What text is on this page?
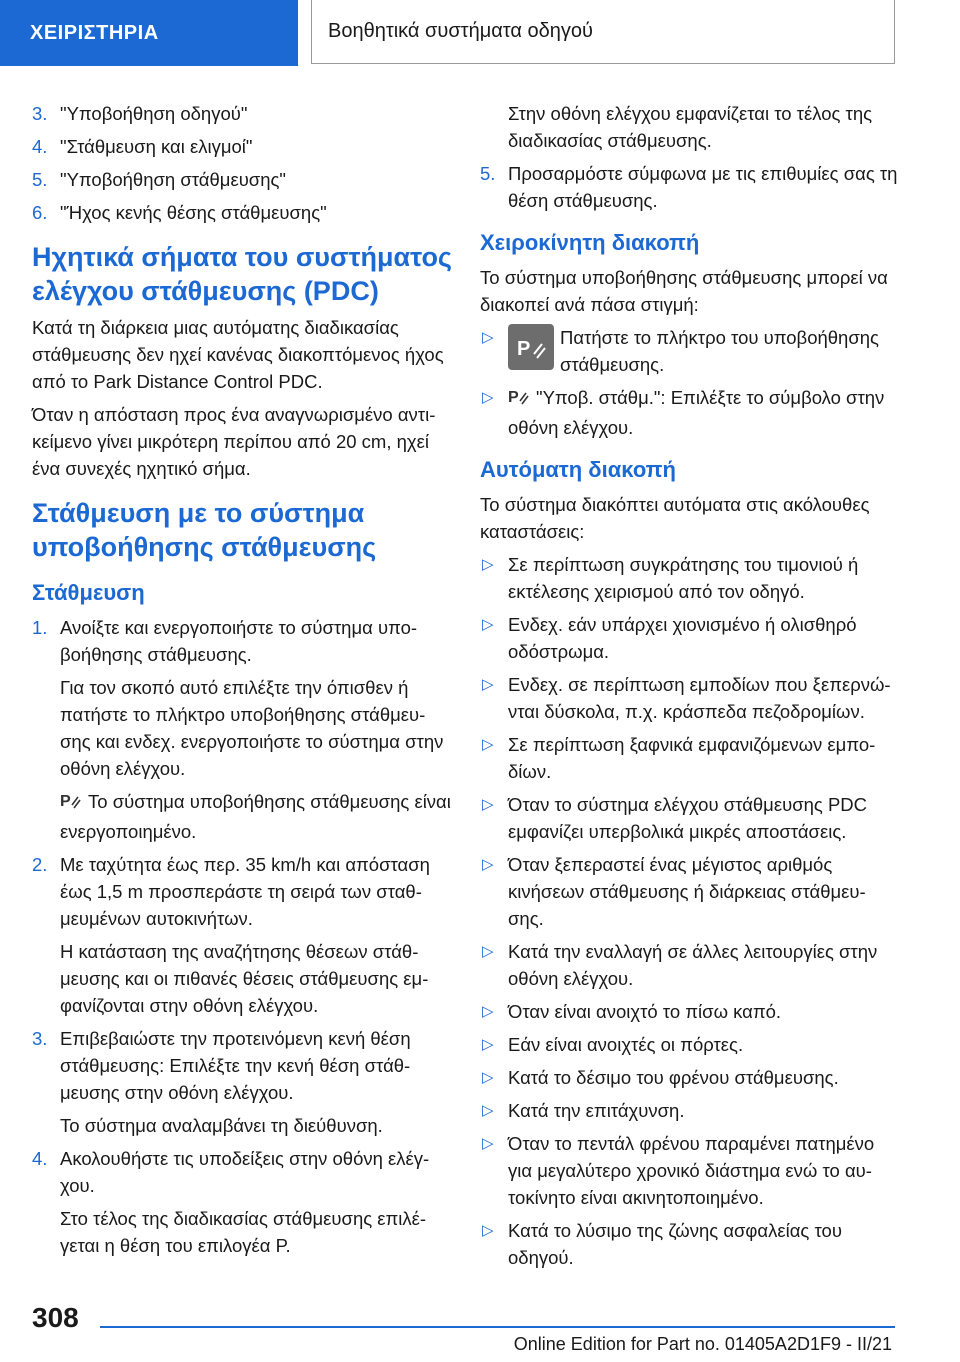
ΧΕΙΡΙΣΤΗΡΙΑ	Βοηθητικά συστήματα οδηγού
3. "Υποβοήθηση οδηγού"
4. "Στάθμευση και ελιγμοί"
5. "Υποβοήθηση στάθμευσης"
6. "Ήχος κενής θέσης στάθμευσης"
Ηχητικά σήματα του συστήματος ελέγχου στάθμευσης (PDC)

Κατά τη διάρκεια μιας αυτόματης διαδικασίας στάθμευσης δεν ηχεί κανένας διακοπτόμενος ήχος από το Park Distance Control PDC.

Όταν η απόσταση προς ένα αναγνωρισμένο αντι-κείμενο γίνει μικρότερη περίπου από 20 cm, ηχεί ένα συνεχές ηχητικό σήμα.

Στάθμευση με το σύστημα υποβοήθησης στάθμευσης
Στάθμευση
1. Ανοίξτε και ενεργοποιήστε το σύστημα υπο-βοήθησης στάθμευσης.
Για τον σκοπό αυτό επιλέξτε την όπισθεν ή πατήστε το πλήκτρο υποβοήθησης στάθμευ-σης και ενδεχ. ενεργοποιήστε το σύστημα στην οθόνη ελέγχου.
P Το σύστημα υποβοήθησης στάθμευσης είναι ενεργοποιημένο.
2. Με ταχύτητα έως περ. 35 km/h και απόσταση έως 1,5 m προσπεράστε τη σειρά των σταθ-μευμένων αυτοκινήτων.
Η κατάσταση της αναζήτησης θέσεων στάθ-μευσης και οι πιθανές θέσεις στάθμευσης εμ-φανίζονται στην οθόνη ελέγχου.
3. Επιβεβαιώστε την προτεινόμενη κενή θέση στάθμευσης: Επιλέξτε την κενή θέση στάθ-μευσης στην οθόνη ελέγχου.
Το σύστημα αναλαμβάνει τη διεύθυνση.
4. Ακολουθήστε τις υποδείξεις στην οθόνη ελέγ-χου.
Στο τέλος της διαδικασίας στάθμευσης επιλέ-γεται η θέση του επιλογέα P.
Στην οθόνη ελέγχου εμφανίζεται το τέλος της διαδικασίας στάθμευσης.
5. Προσαρμόστε σύμφωνα με τις επιθυμίες σας τη θέση στάθμευσης.
Χειροκίνητη διακοπή

Το σύστημα υποβοήθησης στάθμευσης μπορεί να διακοπεί ανά πάσα στιγμή:

▷
P
Πατήστε το πλήκτρο του υποβοήθησης στάθμευσης.
▷ P "Υποβ. στάθμ.": Επιλέξτε το σύμβολο στην οθόνη ελέγχου.
Αυτόματη διακοπή

Το σύστημα διακόπτει αυτόματα στις ακόλουθες καταστάσεις:

▷ Σε περίπτωση συγκράτησης του τιμονιού ή εκτέλεσης χειρισμού από τον οδηγό.
▷ Ενδεχ. εάν υπάρχει χιονισμένο ή ολισθηρό οδόστρωμα.
▷ Ενδεχ. σε περίπτωση εμποδίων που ξεπερνώ-νται δύσκολα, π.χ. κράσπεδα πεζοδρομίων.
▷ Σε περίπτωση ξαφνικά εμφανιζόμενων εμπο-δίων.
▷ Όταν το σύστημα ελέγχου στάθμευσης PDC εμφανίζει υπερβολικά μικρές αποστάσεις.
▷ Όταν ξεπεραστεί ένας μέγιστος αριθμός κινήσεων στάθμευσης ή διάρκειας στάθμευ-σης.
▷ Κατά την εναλλαγή σε άλλες λειτουργίες στην οθόνη ελέγχου.
▷ Όταν είναι ανοιχτό το πίσω καπό.
▷ Εάν είναι ανοιχτές οι πόρτες.
▷ Κατά το δέσιμο του φρένου στάθμευσης.
▷ Κατά την επιτάχυνση.
▷ Όταν το πεντάλ φρένου παραμένει πατημένο για μεγαλύτερο χρονικό διάστημα ενώ το αυ-τοκίνητο είναι ακινητοποιημένο.
▷ Κατά το λύσιμο της ζώνης ασφαλείας του οδηγού.
308
Online Edition for Part no. 01405A2D1F9 - II/21
